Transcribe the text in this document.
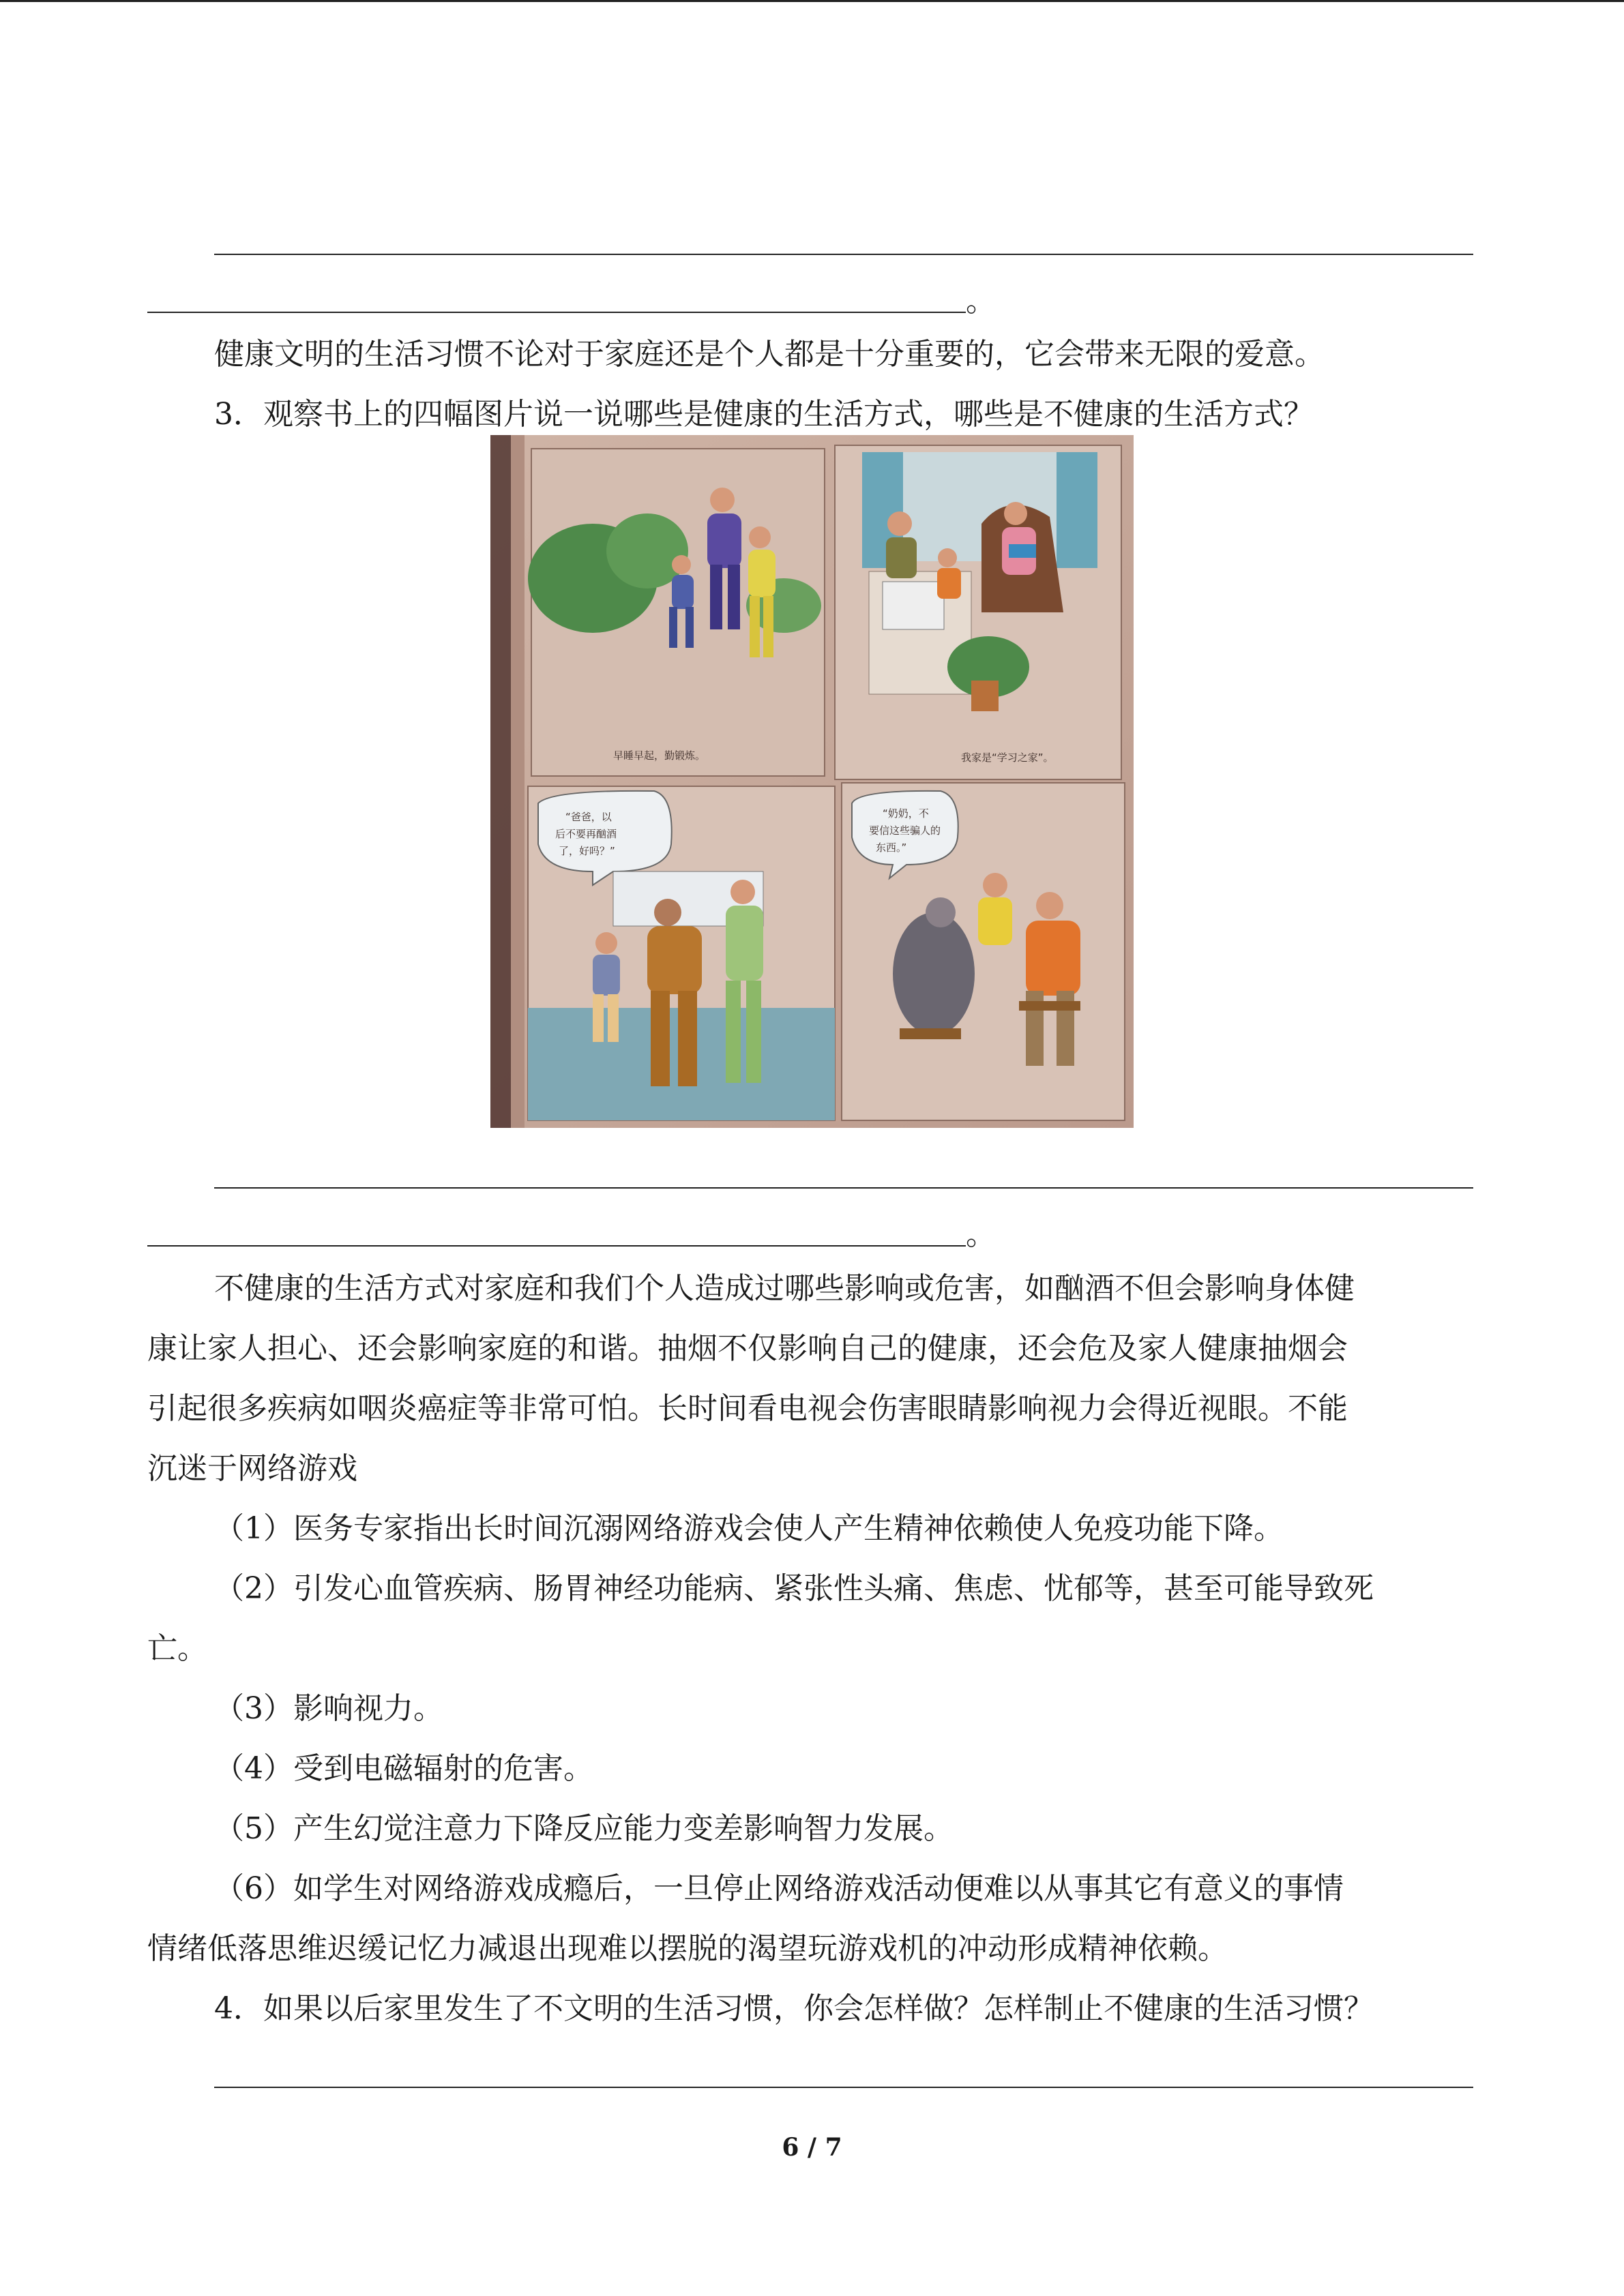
。
健康文明的生活习惯不论对于家庭还是个人都是十分重要的，它会带来无限的爱意。
3．观察书上的四幅图片说一说哪些是健康的生活方式，哪些是不健康的生活方式？
早睡早起，勤锻炼。	我家是“学习之家”。
“爸爸，以
后不要再酗酒
了，好吗？”
“奶奶，不
要信这些骗人的
东西。”
。
不健康的生活方式对家庭和我们个人造成过哪些影响或危害，如酗酒不但会影响身体健
康让家人担心、还会影响家庭的和谐。抽烟不仅影响自己的健康，还会危及家人健康抽烟会
引起很多疾病如咽炎癌症等非常可怕。长时间看电视会伤害眼睛影响视力会得近视眼。不能
沉迷于网络游戏
（1）医务专家指出长时间沉溺网络游戏会使人产生精神依赖使人免疫功能下降。
（2）引发心血管疾病、肠胃神经功能病、紧张性头痛、焦虑、忧郁等，甚至可能导致死
亡。
（3）影响视力。
（4）受到电磁辐射的危害。
（5）产生幻觉注意力下降反应能力变差影响智力发展。
（6）如学生对网络游戏成瘾后，一旦停止网络游戏活动便难以从事其它有意义的事情
情绪低落思维迟缓记忆力减退出现难以摆脱的渴望玩游戏机的冲动形成精神依赖。
4．如果以后家里发生了不文明的生活习惯，你会怎样做？怎样制止不健康的生活习惯？
6 / 7
